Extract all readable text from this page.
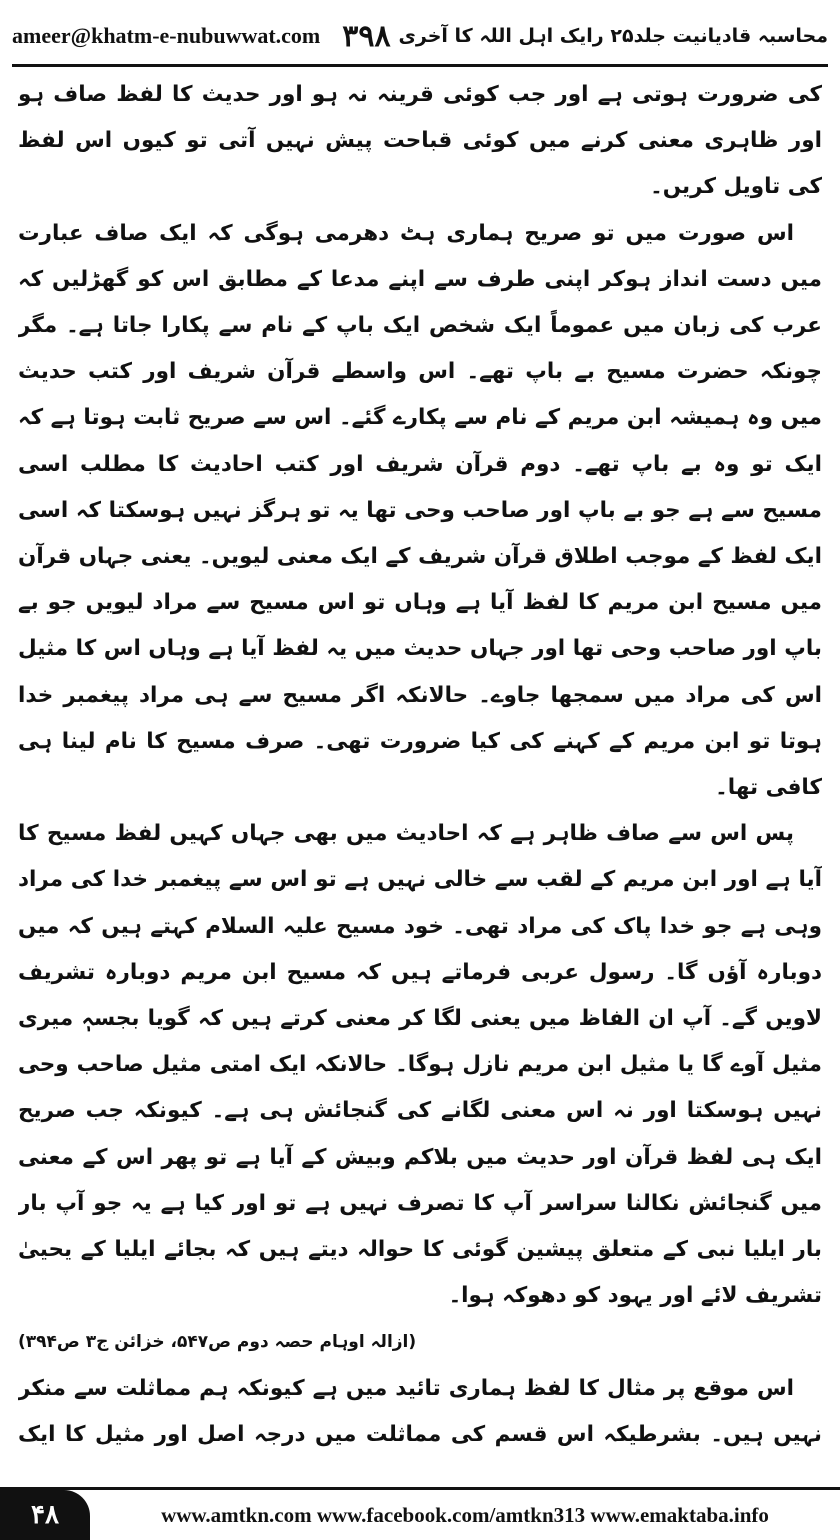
ameer@khatm-e-nubuwwat.com ۳۹۸ محاسبہ قادیانیت جلد۲۵ رایک اہل اللہ کا آخری

کی ضرورت ہوتی ہے اور جب کوئی قرینہ نہ ہو اور حدیث کا لفظ صاف ہو اور ظاہری معنی کرنے میں کوئی قباحت پیش نہیں آتی تو کیوں اس لفظ کی تاویل کریں۔

اس صورت میں تو صریح ہماری ہٹ دھرمی ہوگی کہ ایک صاف عبارت میں دست انداز ہوکر اپنی طرف سے اپنے مدعا کے مطابق اس کو گھڑلیں کہ عرب کی زبان میں عموماً ایک شخص ایک باپ کے نام سے پکارا جاتا ہے۔ مگر چونکہ حضرت مسیح بے باپ تھے۔ اس واسطے قرآن شریف اور کتب حدیث میں وہ ہمیشہ ابن مریم کے نام سے پکارے گئے۔ اس سے صریح ثابت ہوتا ہے کہ ایک تو وہ بے باپ تھے۔ دوم قرآن شریف اور کتب احادیث کا مطلب اسی مسیح سے ہے جو بے باپ اور صاحب وحی تھا یہ تو ہرگز نہیں ہوسکتا کہ اسی ایک لفظ کے موجب اطلاق قرآن شریف کے ایک معنی لیویں۔ یعنی جہاں قرآن میں مسیح ابن مریم کا لفظ آیا ہے وہاں تو اس مسیح سے مراد لیویں جو بے باپ اور صاحب وحی تھا اور جہاں حدیث میں یہ لفظ آیا ہے وہاں اس کا مثیل اس کی مراد میں سمجھا جاوے۔ حالانکہ اگر مسیح سے ہی مراد پیغمبر خدا ہوتا تو ابن مریم کے کہنے کی کیا ضرورت تھی۔ صرف مسیح کا نام لینا ہی کافی تھا۔

پس اس سے صاف ظاہر ہے کہ احادیث میں بھی جہاں کہیں لفظ مسیح کا آیا ہے اور ابن مریم کے لقب سے خالی نہیں ہے تو اس سے پیغمبر خدا کی مراد وہی ہے جو خدا پاک کی مراد تھی۔ خود مسیح علیہ السلام کہتے ہیں کہ میں دوبارہ آؤں گا۔ رسول عربی فرماتے ہیں کہ مسیح ابن مریم دوبارہ تشریف لاویں گے۔ آپ ان الفاظ میں یعنی لگا کر معنی کرتے ہیں کہ گویا بجسہٖ میری مثیل آوے گا یا مثیل ابن مریم نازل ہوگا۔ حالانکہ ایک امتی مثیل صاحب وحی نہیں ہوسکتا اور نہ اس معنی لگانے کی گنجائش ہی ہے۔ کیونکہ جب صریح ایک ہی لفظ قرآن اور حدیث میں بلاکم وبیش کے آیا ہے تو پھر اس کے معنی میں گنجائش نکالنا سراسر آپ کا تصرف نہیں ہے تو اور کیا ہے یہ جو آپ بار بار ایلیا نبی کے متعلق پیشین گوئی کا حوالہ دیتے ہیں کہ بجائے ایلیا کے یحییٰ تشریف لائے اور یہود کو دھوکہ ہوا۔

(ازالہ اوہام حصہ دوم ص۵۴۷، خزائن ج۳ ص۳۹۴)

اس موقع پر مثال کا لفظ ہماری تائید میں ہے کیونکہ ہم مماثلت سے منکر نہیں ہیں۔ بشرطیکہ اس قسم کی مماثلت میں درجہ اصل اور مثیل کا ایک

۴۸	www.amtkn.com www.facebook.com/amtkn313 www.emaktaba.info
